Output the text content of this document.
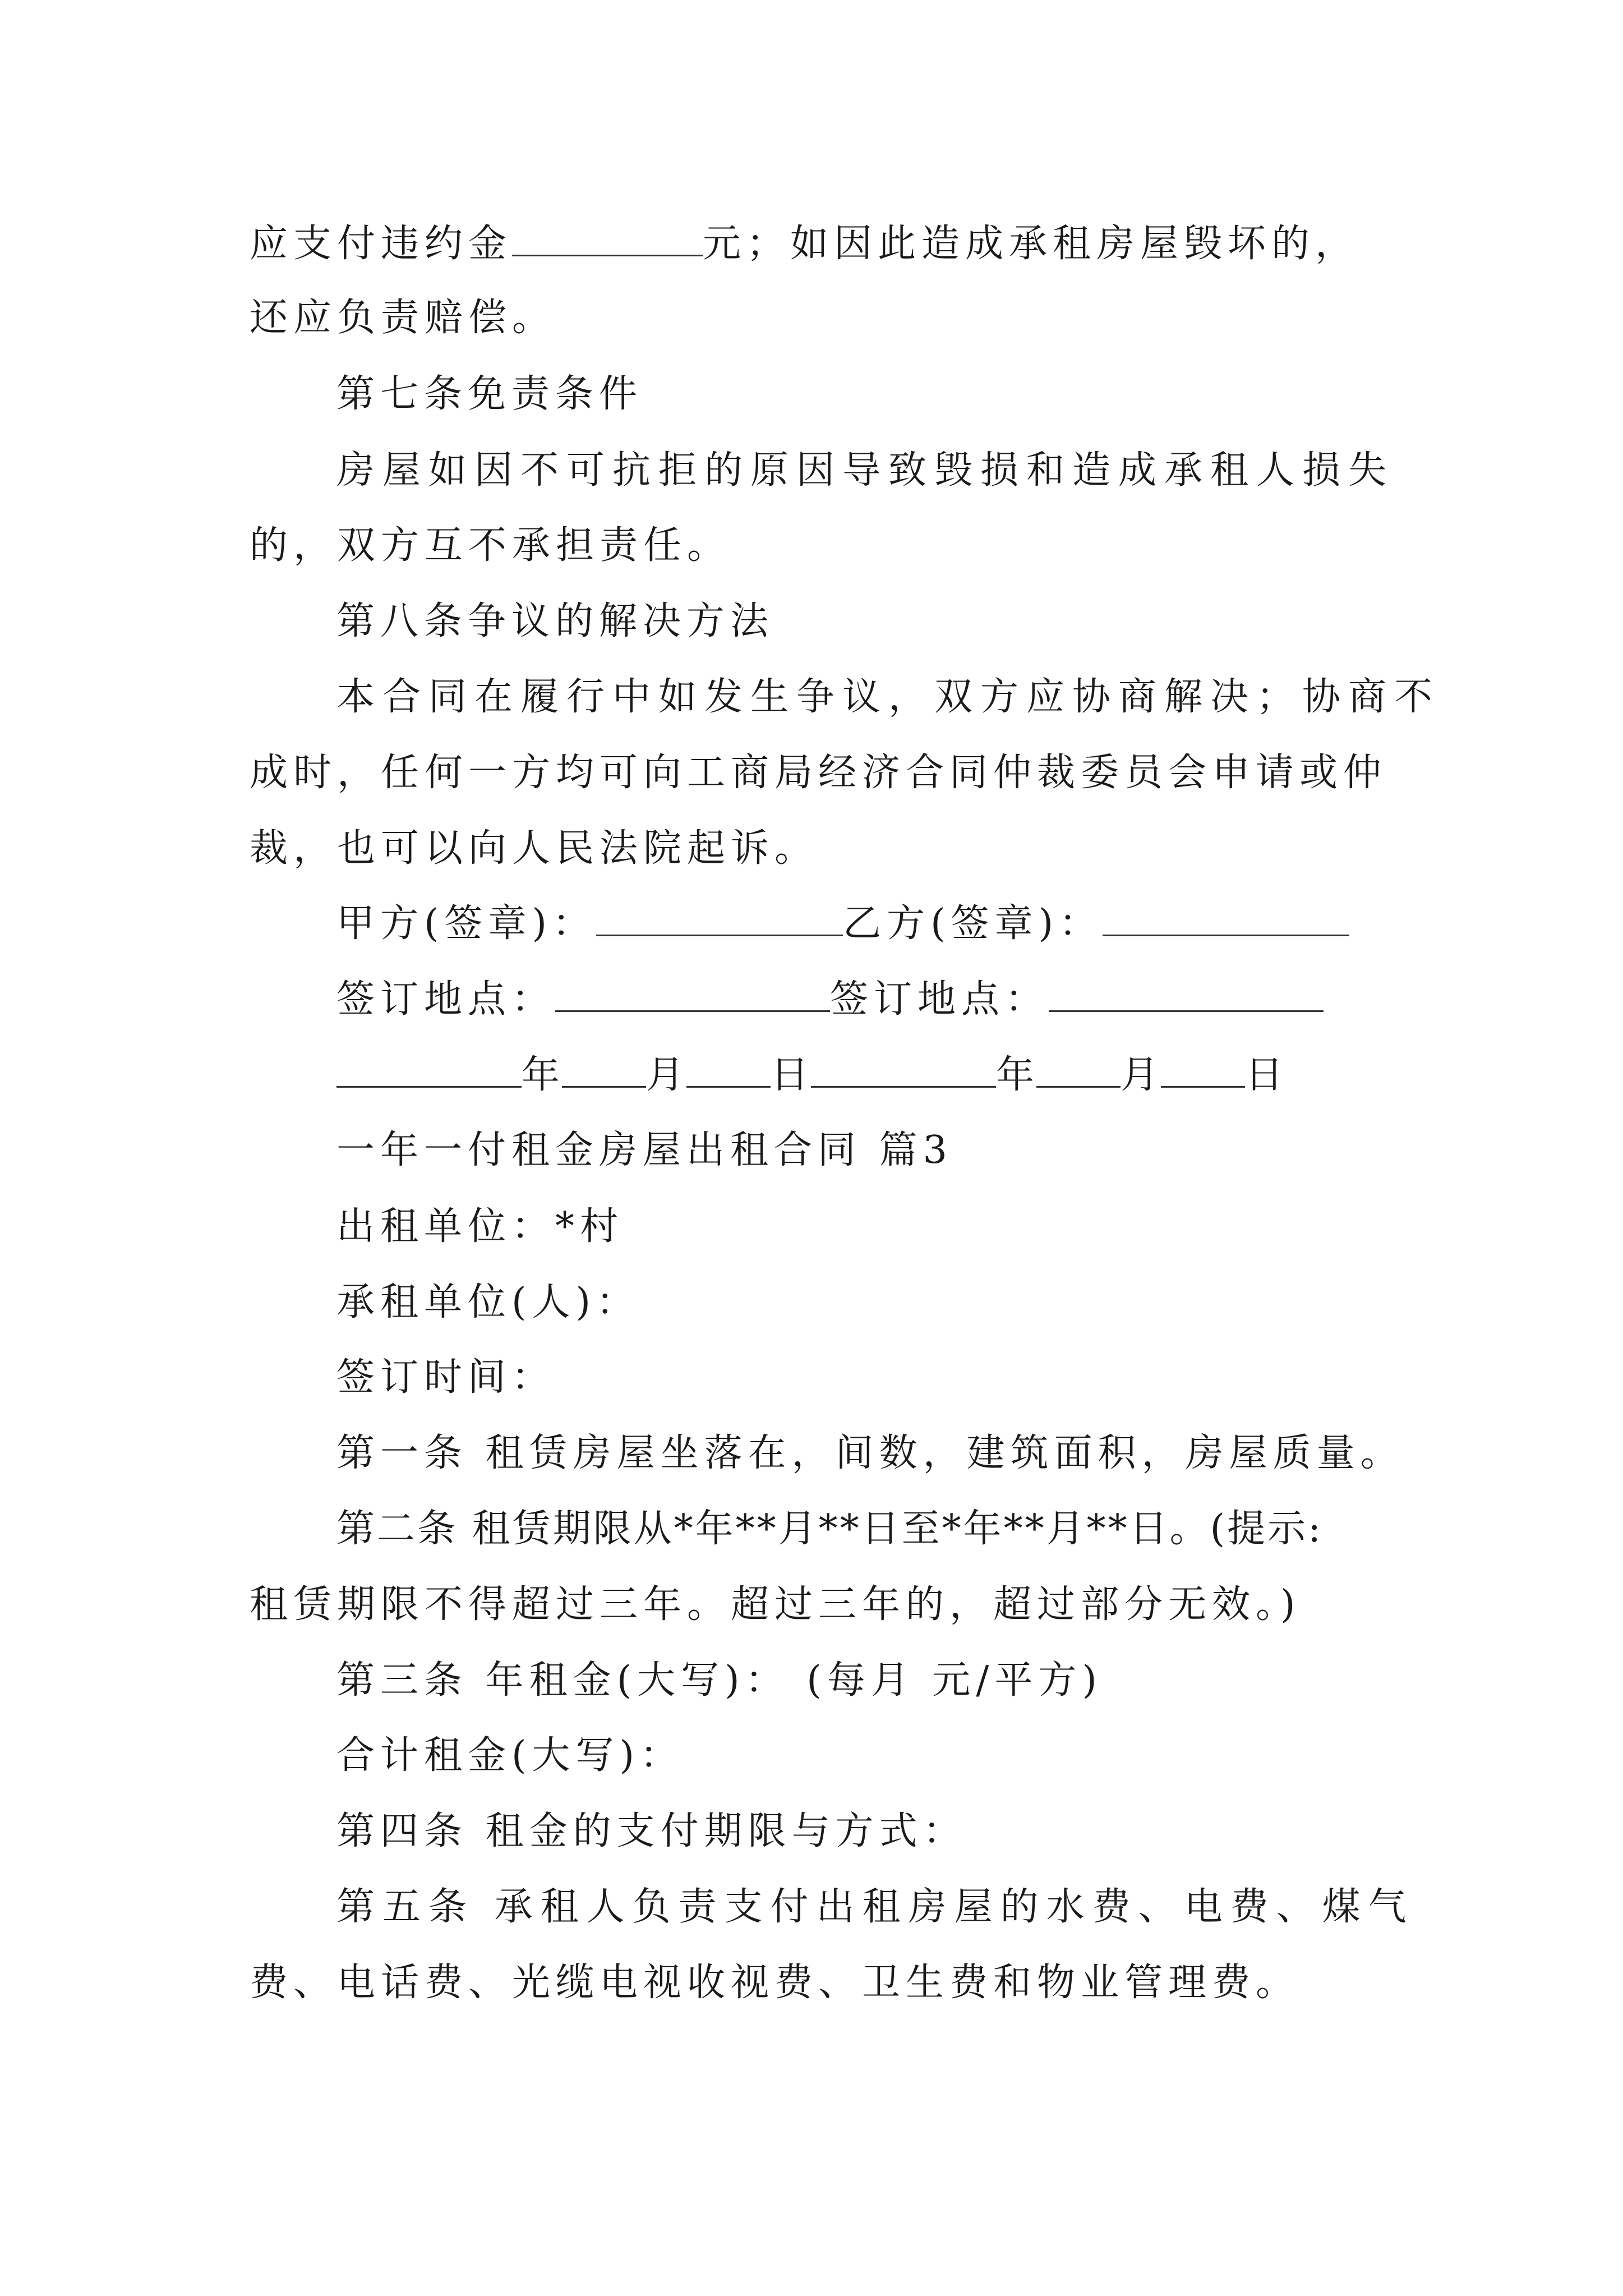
应支付违约金	元；如因此造成承租房屋毁坏的，
还应负责赔偿。
第七条免责条件
房屋如因不可抗拒的原因导致毁损和造成承租人损失
的，双方互不承担责任。
第八条争议的解决方法
本合同在履行中如发生争议，双方应协商解决；协商不
成时，任何一方均可向工商局经济合同仲裁委员会申请或仲
裁，也可以向人民法院起诉。
甲方(签章)：	乙方(签章)：
签订地点：	签订地点：
年 月 日	年 月 日
一年一付租金房屋出租合同 篇3
出租单位：*村
承租单位(人)：
签订时间：
第一条 租赁房屋坐落在，间数，建筑面积，房屋质量。
第二条 租赁期限从*年**月**日至*年**月**日。(提示:
租赁期限不得超过三年。超过三年的，超过部分无效。)
第三条 年租金(大写)： (每月 元/平方)
合计租金(大写)：
第四条 租金的支付期限与方式：
第五条 承租人负责支付出租房屋的水费、电费、煤气
费、电话费、光缆电视收视费、卫生费和物业管理费。
